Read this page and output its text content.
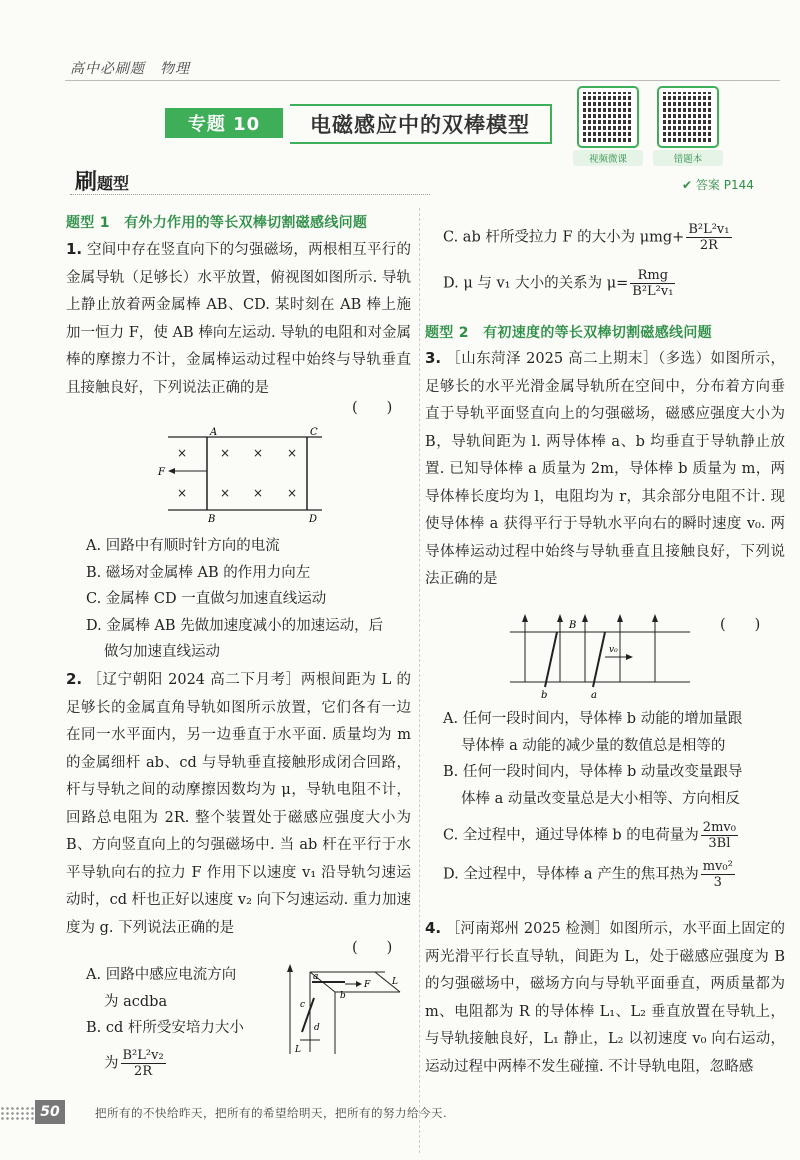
高中必刷题　物理
专题 10	电磁感应中的双棒模型
视频微课	错题本
刷题型	✔ 答案 P144
题型 1　有外力作用的等长双棒切割磁感线问题
1. 空间中存在竖直向下的匀强磁场，两根相互平行的金属导轨（足够长）水平放置，俯视图如图所示. 导轨上静止放着两金属棒 AB、CD. 某时刻在 AB 棒上施加一恒力 F，使 AB 棒向左运动. 导轨的电阻和对金属棒的摩擦力不计，金属棒运动过程中始终与导轨垂直且接触良好，下列说法正确的是
(　　)
×	× × ×
×	× × ×
F
A
B
C
D
A. 回路中有顺时针方向的电流
B. 磁场对金属棒 AB 的作用力向左
C. 金属棒 CD 一直做匀加速直线运动
D. 金属棒 AB 先做加速度减小的加速运动，后
做匀加速直线运动
2. ［辽宁朝阳 2024 高二下月考］两根间距为 L 的足够长的金属直角导轨如图所示放置，它们各有一边在同一水平面内，另一边垂直于水平面. 质量均为 m 的金属细杆 ab、cd 与导轨垂直接触形成闭合回路，杆与导轨之间的动摩擦因数均为 μ，导轨电阻不计，回路总电阻为 2R. 整个装置处于磁感应强度大小为 B、方向竖直向上的匀强磁场中. 当 ab 杆在平行于水平导轨向右的拉力 F 作用下以速度 v₁ 沿导轨匀速运动时，cd 杆也正好以速度 v₂ 向下匀速运动. 重力加速度为 g. 下列说法正确的是
(　　)
A. 回路中感应电流方向
为 acdba
B. cd 杆所受安培力大小
为 $\frac{\text{B²L²v₂}}{2R}$
a
b
c
d
F L
L
C. ab 杆所受拉力 F 的大小为 $\mu mg+ \frac{\text{B²L²v₁}}{2R}$
D. μ 与 v₁ 大小的关系为 $\mu= \frac{\text{Rmg}}{\text{B²L²v₁}}$
题型 2　有初速度的等长双棒切割磁感线问题
3. ［山东菏泽 2025 高二上期末］（多选）如图所示，足够长的水平光滑金属导轨所在空间中，分布着方向垂直于导轨平面竖直向上的匀强磁场，磁感应强度大小为 B，导轨间距为 l. 两导体棒 a、b 均垂直于导轨静止放置. 已知导体棒 a 质量为 2m，导体棒 b 质量为 m，两导体棒长度均为 l，电阻均为 r，其余部分电阻不计. 现使导体棒 a 获得平行于导轨水平向右的瞬时速度 v₀. 两导体棒运动过程中始终与导轨垂直且接触良好，下列说法正确的是
(　　)
B
v₀
b	a
A. 任何一段时间内，导体棒 b 动能的增加量跟
导体棒 a 动能的减少量的数值总是相等的
B. 任何一段时间内，导体棒 b 动量改变量跟导
体棒 a 动量改变量总是大小相等、方向相反
C. 全过程中，通过导体棒 b 的电荷量为 $\frac{\text{2mv₀}}{3Bl}$
D. 全过程中，导体棒 a 产生的焦耳热为 $\frac{\text{mv₀²}}{3}$
4. ［河南郑州 2025 检测］如图所示，水平面上固定的两光滑平行长直导轨，间距为 L，处于磁感应强度为 B 的匀强磁场中，磁场方向与导轨平面垂直，两质量都为 m、电阻都为 R 的导体棒 L₁、L₂ 垂直放置在导轨上，与导轨接触良好，L₁ 静止，L₂ 以初速度 v₀ 向右运动，运动过程中两棒不发生碰撞. 不计导轨电阻，忽略感
50	把所有的不快给昨天，把所有的希望给明天，把所有的努力给今天.
